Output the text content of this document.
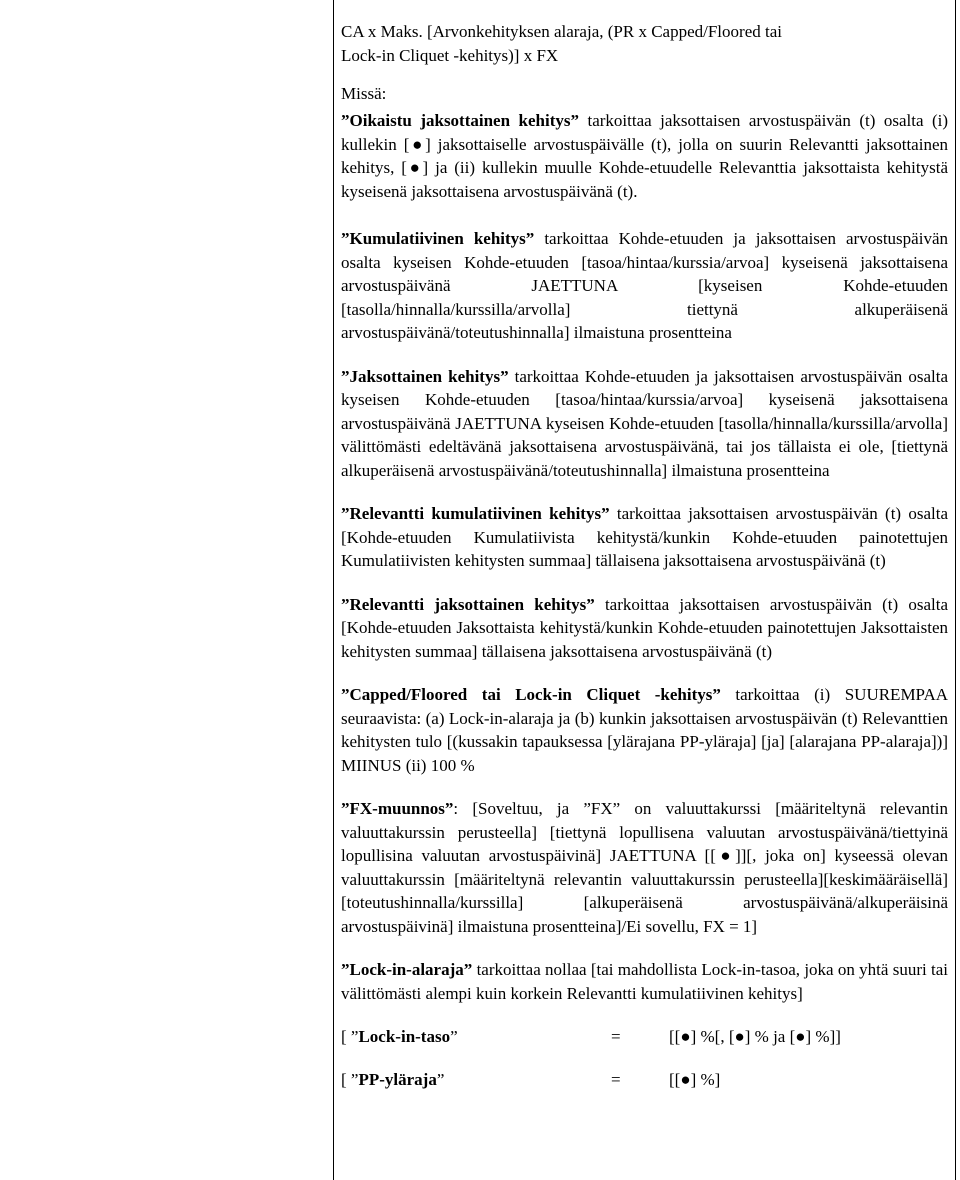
Missä:
CA x Maks. [Arvonkehityksen alaraja, (PR x Capped/Floored tai
Lock-in Cliquet -kehitys)] x FX
”Oikaistu jaksottainen kehitys” tarkoittaa jaksottaisen arvostuspäivän (t) osalta (i) kullekin [●] jaksottaiselle arvostuspäivälle (t), jolla on suurin Relevantti jaksottainen kehitys, [●] ja (ii) kullekin muulle Kohde-etuudelle Relevanttia jaksottaista kehitystä kyseisenä jaksottaisena arvostuspäivänä (t).
”Kumulatiivinen kehitys” tarkoittaa Kohde-etuuden ja jaksottaisen arvostuspäivän osalta kyseisen Kohde-etuuden [tasoa/hintaa/kurssia/arvoa] kyseisenä jaksottaisena arvostuspäivänä JAETTUNA [kyseisen Kohde-etuuden [tasolla/hinnalla/kurssilla/arvolla] tiettynä alkuperäisenä arvostuspäivänä/toteutushinnalla] ilmaistuna prosentteina
”Jaksottainen kehitys” tarkoittaa Kohde-etuuden ja jaksottaisen arvostuspäivän osalta kyseisen Kohde-etuuden [tasoa/hintaa/kurssia/arvoa] kyseisenä jaksottaisena arvostuspäivänä JAETTUNA kyseisen Kohde-etuuden [tasolla/hinnalla/kurssilla/arvolla] välittömästi edeltävänä jaksottaisena arvostuspäivänä, tai jos tällaista ei ole, [tiettynä alkuperäisenä arvostuspäivänä/toteutushinnalla] ilmaistuna prosentteina
”Relevantti kumulatiivinen kehitys” tarkoittaa jaksottaisen arvostuspäivän (t) osalta [Kohde-etuuden Kumulatiivista kehitystä/kunkin Kohde-etuuden painotettujen Kumulatiivisten kehitysten summaa] tällaisena jaksottaisena arvostuspäivänä (t)
”Relevantti jaksottainen kehitys” tarkoittaa jaksottaisen arvostuspäivän (t) osalta [Kohde-etuuden Jaksottaista kehitystä/kunkin Kohde-etuuden painotettujen Jaksottaisten kehitysten summaa] tällaisena jaksottaisena arvostuspäivänä (t)
”Capped/Floored tai Lock-in Cliquet -kehitys” tarkoittaa (i) SUUREMPAA seuraavista: (a) Lock-in-alaraja ja (b) kunkin jaksottaisen arvostuspäivän (t) Relevanttien kehitysten tulo [(kussakin tapauksessa [ylärajana PP-yläraja] [ja] [alarajana PP-alaraja])] MIINUS (ii) 100 %
”FX-muunnos”: [Soveltuu, ja ”FX” on valuuttakurssi [määriteltynä relevantin valuuttakurssin perusteella] [tiettynä lopullisena valuutan arvostuspäivänä/tiettyinä lopullisina valuutan arvostuspäivinä] JAETTUNA [[●]][, joka on] kyseessä olevan valuuttakurssin [määriteltynä relevantin valuuttakurssin perusteella][keskimääräisellä] [toteutushinnalla/kurssilla] [alkuperäisenä arvostuspäivänä/alkuperäisinä arvostuspäivinä] ilmaistuna prosentteina]/Ei sovellu, FX = 1]
”Lock-in-alaraja” tarkoittaa nollaa [tai mahdollista Lock-in-tasoa, joka on yhtä suuri tai välittömästi alempi kuin korkein Relevantti kumulatiivinen kehitys]
[ ”Lock-in-taso”	=	[[●] %[, [●] % ja [●] %]]
[ ”PP-yläraja”	=	[[●] %]
